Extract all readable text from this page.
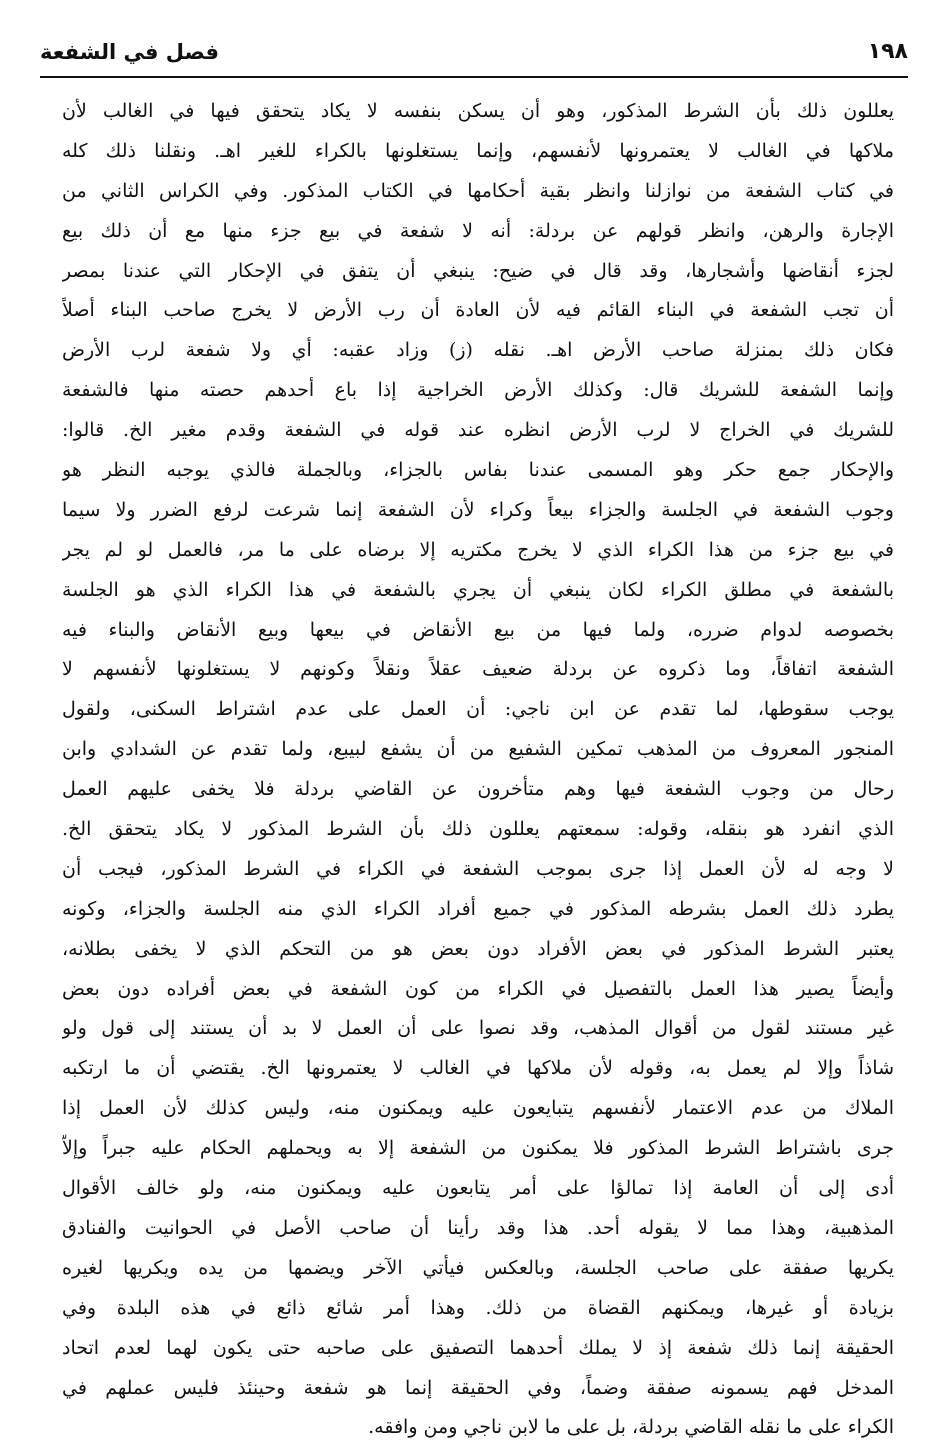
١٩٨
فصل في الشفعة
يعللون ذلك بأن الشرط المذكور، وهو أن يسكن بنفسه لا يكاد يتحقق فيها في الغالب لأن
ملاكها في الغالب لا يعتمرونها لأنفسهم، وإنما يستغلونها بالكراء للغير اهـ. ونقلنا ذلك كله
في كتاب الشفعة من نوازلنا وانظر بقية أحكامها في الكتاب المذكور. وفي الكراس الثاني من
الإجارة والرهن، وانظر قولهم عن بردلة: أنه لا شفعة في بيع جزء منها مع أن ذلك بيع
لجزء أنقاضها وأشجارها، وقد قال في ضيح: ينبغي أن يتفق في الإحكار التي عندنا بمصر
أن تجب الشفعة في البناء القائم فيه لأن العادة أن رب الأرض لا يخرج صاحب البناء أصلاً
فكان ذلك بمنزلة صاحب الأرض اهـ. نقله (ز) وزاد عقبه: أي ولا شفعة لرب الأرض
وإنما الشفعة للشريك قال: وكذلك الأرض الخراجية إذا باع أحدهم حصته منها فالشفعة
للشريك في الخراج لا لرب الأرض انظره عند قوله في الشفعة وقدم مغير الخ. قالوا:
والإحكار جمع حكر وهو المسمى عندنا بفاس بالجزاء، وبالجملة فالذي يوجبه النظر هو
وجوب الشفعة في الجلسة والجزاء بيعاً وكراء لأن الشفعة إنما شرعت لرفع الضرر ولا سيما
في بيع جزء من هذا الكراء الذي لا يخرج مكتريه إلا برضاه على ما مر، فالعمل لو لم يجر
بالشفعة في مطلق الكراء لكان ينبغي أن يجري بالشفعة في هذا الكراء الذي هو الجلسة
بخصوصه لدوام ضرره، ولما فيها من بيع الأنقاض في بيعها وبيع الأنقاض والبناء فيه
الشفعة اتفاقاً، وما ذكروه عن بردلة ضعيف عقلاً ونقلاً وكونهم لا يستغلونها لأنفسهم لا
يوجب سقوطها، لما تقدم عن ابن ناجي: أن العمل على عدم اشتراط السكنى، ولقول
المنجور المعروف من المذهب تمكين الشفيع من أن يشفع لبيبع، ولما تقدم عن الشدادي وابن
رحال من وجوب الشفعة فيها وهم متأخرون عن القاضي بردلة فلا يخفى عليهم العمل
الذي انفرد هو بنقله، وقوله: سمعتهم يعللون ذلك بأن الشرط المذكور لا يكاد يتحقق الخ.
لا وجه له لأن العمل إذا جرى بموجب الشفعة في الكراء في الشرط المذكور، فيجب أن
يطرد ذلك العمل بشرطه المذكور في جميع أفراد الكراء الذي منه الجلسة والجزاء، وكونه
يعتبر الشرط المذكور في بعض الأفراد دون بعض هو من التحكم الذي لا يخفى بطلانه،
وأيضاً يصير هذا العمل بالتفصيل في الكراء من كون الشفعة في بعض أفراده دون بعض
غير مستند لقول من أقوال المذهب، وقد نصوا على أن العمل لا بد أن يستند إلى قول ولو
شاذاً وإلا لم يعمل به، وقوله لأن ملاكها في الغالب لا يعتمرونها الخ. يقتضي أن ما ارتكبه
الملاك من عدم الاعتمار لأنفسهم يتبايعون عليه ويمكنون منه، وليس كذلك لأن العمل إذا
جرى باشتراط الشرط المذكور فلا يمكنون من الشفعة إلا به ويحملهم الحكام عليه جبراً وإلاّ
أدى إلى أن العامة إذا تمالؤا على أمر يتابعون عليه ويمكنون منه، ولو خالف الأقوال
المذهبية، وهذا مما لا يقوله أحد. هذا وقد رأينا أن صاحب الأصل في الحوانيت والفنادق
يكريها صفقة على صاحب الجلسة، وبالعكس فيأتي الآخر ويضمها من يده ويكريها لغيره
بزيادة أو غيرها، ويمكنهم القضاة من ذلك. وهذا أمر شائع ذائع في هذه البلدة وفي
الحقيقة إنما ذلك شفعة إذ لا يملك أحدهما التصفيق على صاحبه حتى يكون لهما لعدم اتحاد
المدخل فهم يسمونه صفقة وضماً، وفي الحقيقة إنما هو شفعة وحينئذ فليس عملهم في
الكراء على ما نقله القاضي بردلة، بل على ما لابن ناجي ومن وافقه.
